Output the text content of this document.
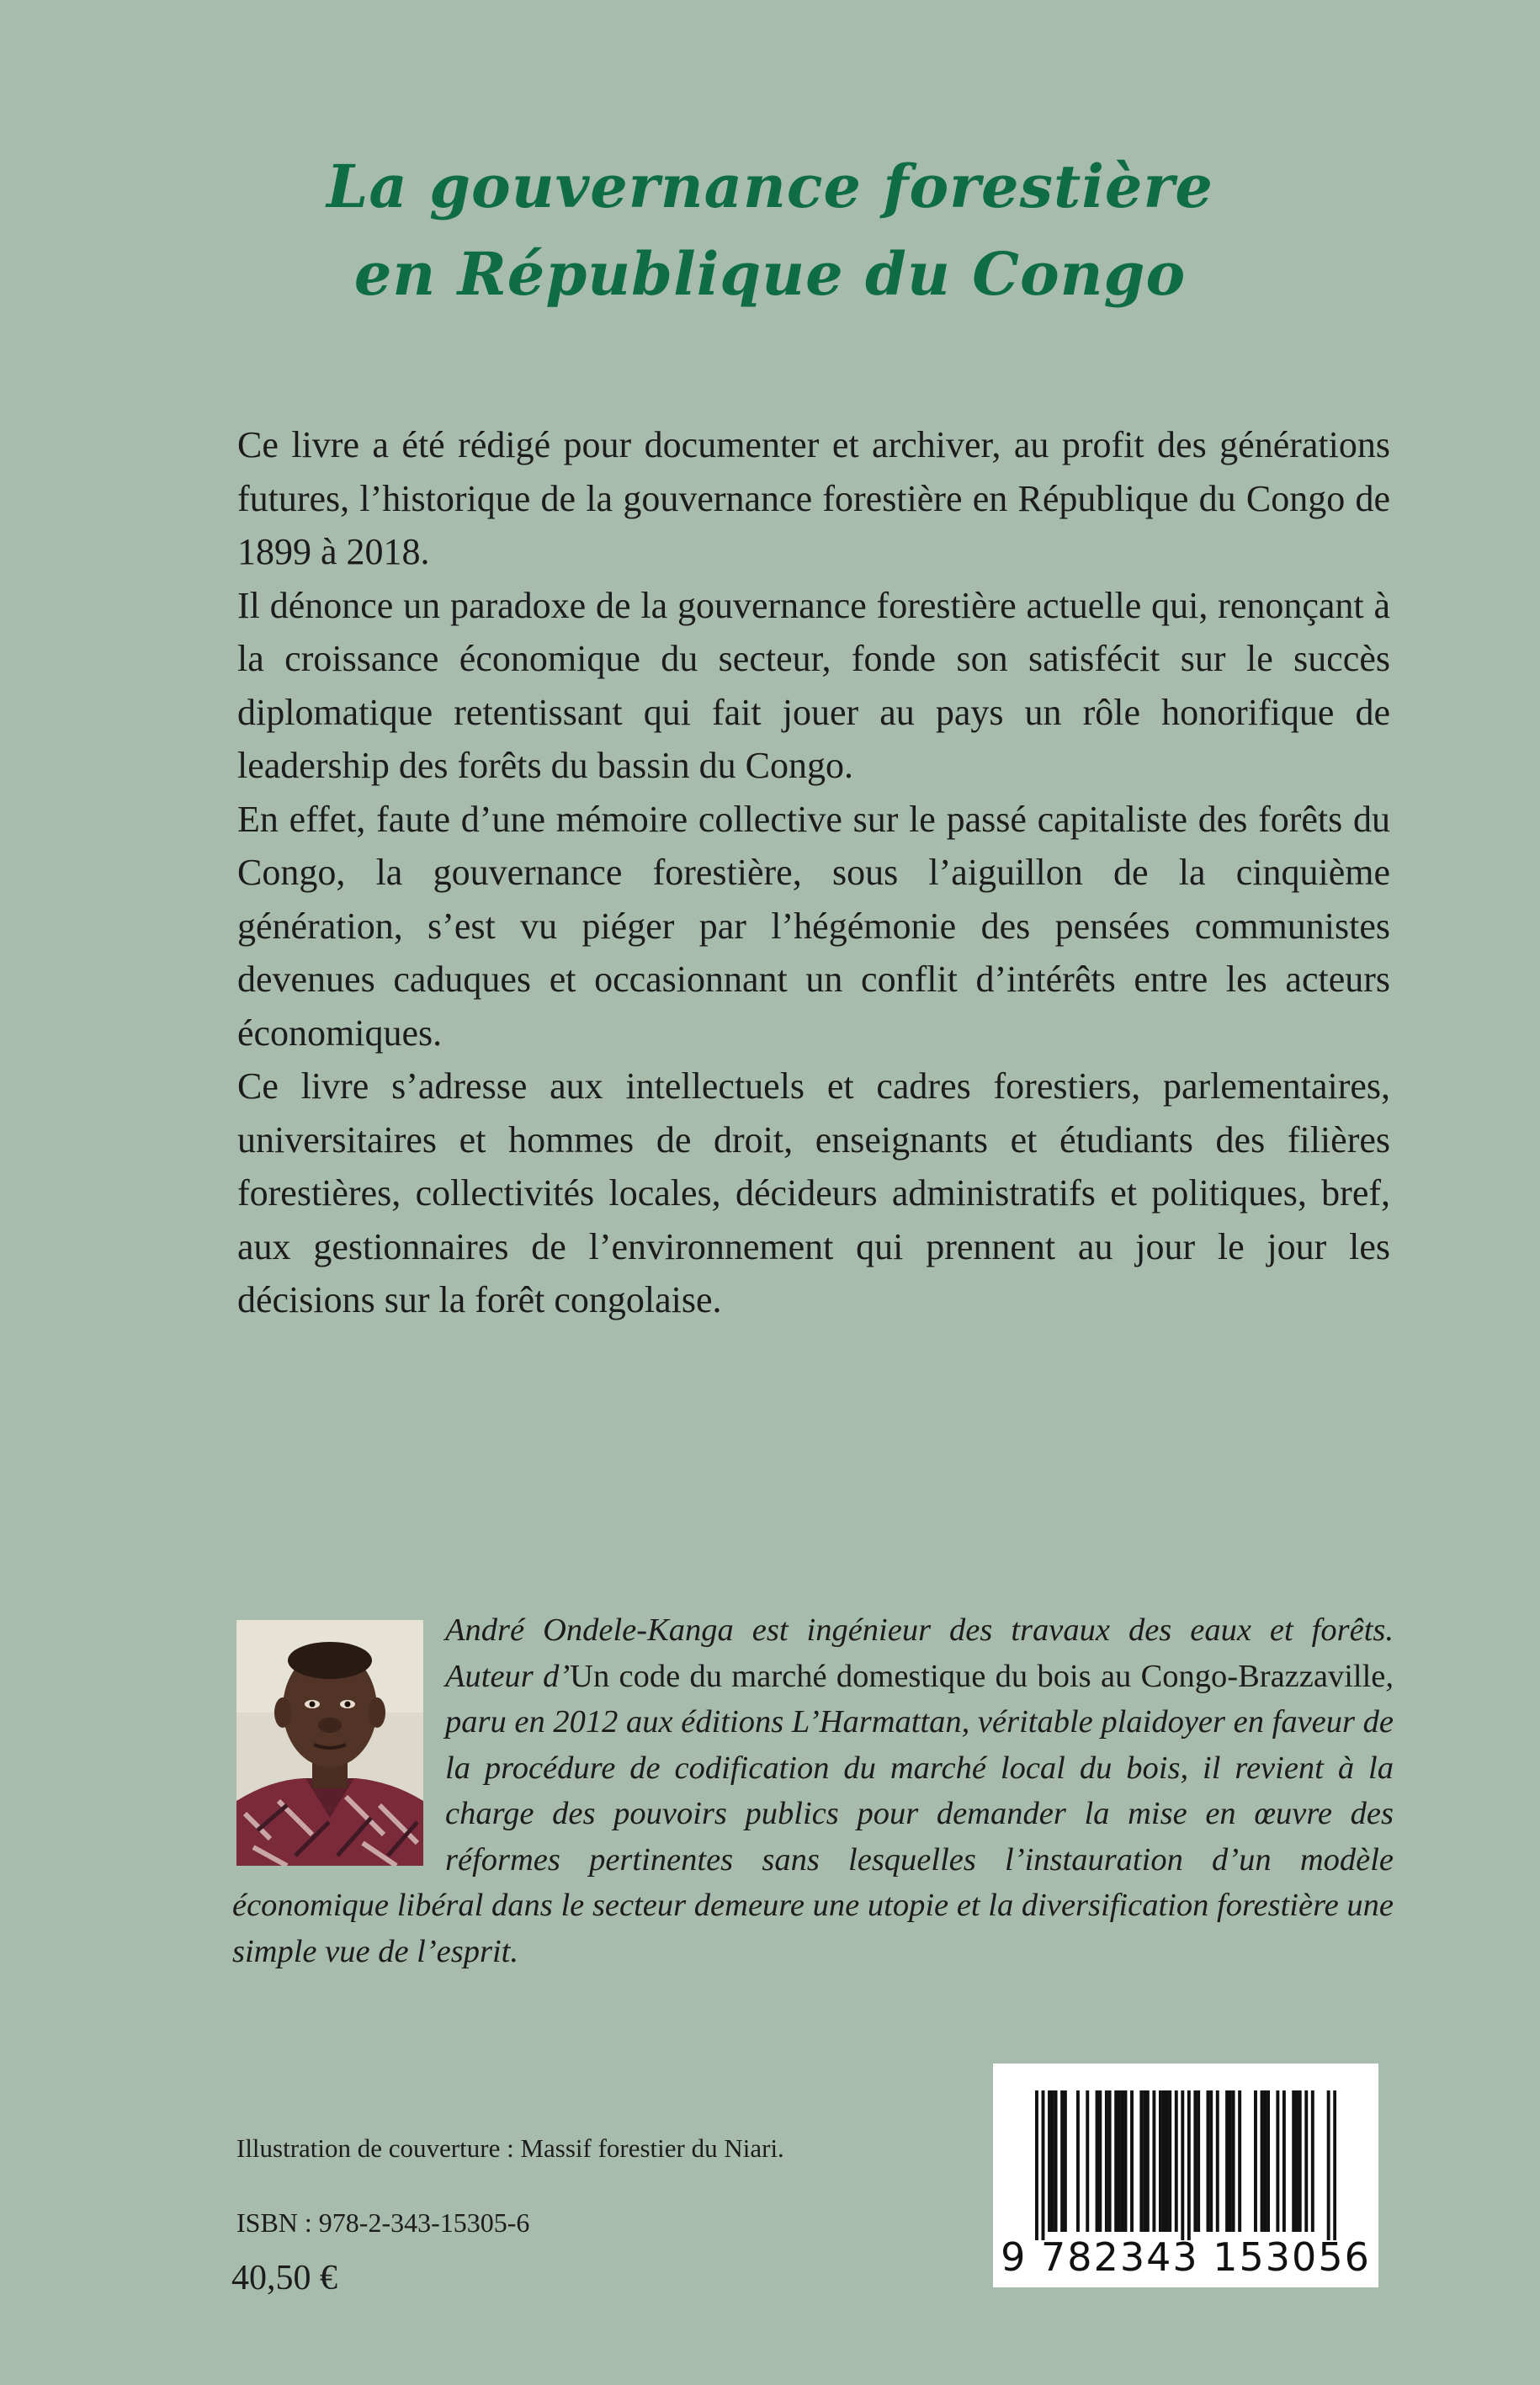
La gouvernance forestière
en République du Congo

Ce livre a été rédigé pour documenter et archiver, au profit des générations futures, l’historique de la gouvernance forestière en République du Congo de 1899 à 2018.

Il dénonce un paradoxe de la gouvernance forestière actuelle qui, renonçant à la croissance économique du secteur, fonde son satisfécit sur le succès diplomatique retentissant qui fait jouer au pays un rôle honorifique de leadership des forêts du bassin du Congo.

En effet, faute d’une mémoire collective sur le passé capitaliste des forêts du Congo, la gouvernance forestière, sous l’aiguillon de la cinquième génération, s’est vu piéger par l’hégémonie des pensées communistes devenues caduques et occasionnant un conflit d’intérêts entre les acteurs économiques.

Ce livre s’adresse aux intellectuels et cadres forestiers, parlementaires, universitaires et hommes de droit, enseignants et étudiants des filières forestières, collectivités locales, décideurs administratifs et politiques, bref, aux gestionnaires de l’environnement qui prennent au jour le jour les décisions sur la forêt congolaise.

André Ondele-Kanga est ingénieur des travaux des eaux et forêts. Auteur d’Un code du marché domestique du bois au Congo-Brazzaville, paru en 2012 aux éditions L’Harmattan, véritable plaidoyer en faveur de la procédure de codification du marché local du bois, il revient à la charge des pouvoirs publics pour demander la mise en œuvre des réformes pertinentes sans lesquelles l’instauration d’un modèle économique libéral dans le secteur demeure une utopie et la diversification forestière une simple vue de l’esprit.
Illustration de couverture : Massif forestier du Niari.
ISBN : 978-2-343-15305-6
40,50 €	9 782343 153056
